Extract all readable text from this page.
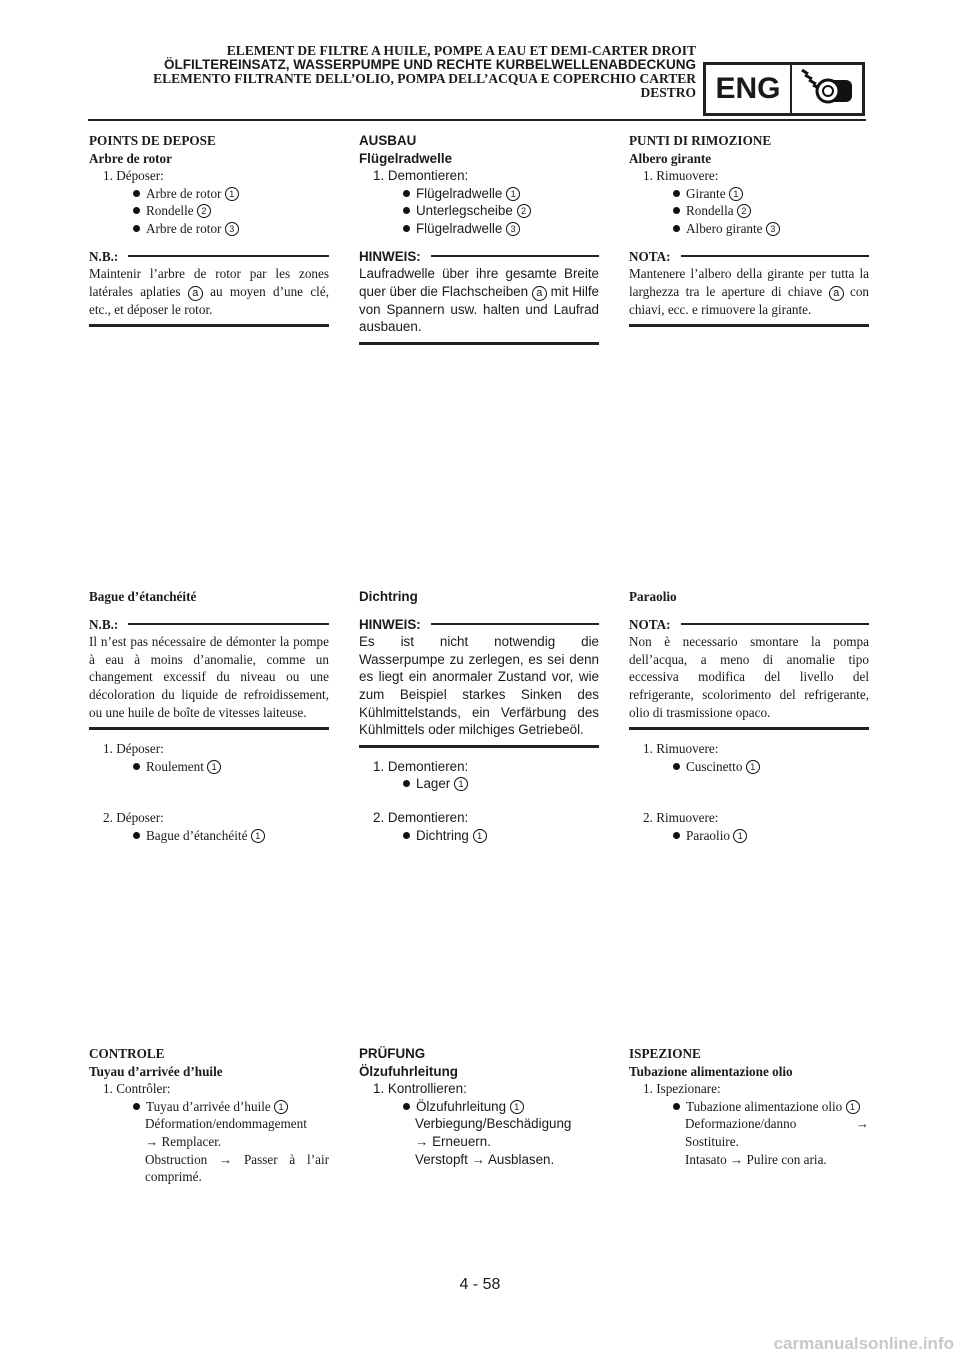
ELEMENT DE FILTRE A HUILE, POMPE A EAU ET DEMI-CARTER DROIT
ÖLFILTEREINSATZ, WASSERPUMPE UND RECHTE KURBELWELLENABDECKUNG
ELEMENTO FILTRANTE DELL’OLIO, POMPA DELL’ACQUA E COPERCHIO CARTER
DESTRO ENG
POINTS DE DEPOSE
Arbre de rotor
1. Déposer:
Arbre de rotor 1
Rondelle 2
Arbre de rotor 3
N.B.:
Maintenir l’arbre de rotor par les zones latérales aplaties a au moyen d’une clé, etc., et déposer le rotor.
Bague d’étanchéité
N.B.:
Il n’est pas nécessaire de démonter la pompe à eau à moins d’anomalie, comme un changement excessif du niveau ou une décoloration du liquide de refroidissement, ou une huile de boîte de vitesses laiteuse.
1. Déposer:
Roulement 1
2. Déposer:
Bague d’étanchéité 1
CONTROLE
Tuyau d’arrivée d’huile
1. Contrôler:
Tuyau d’arrivée d’huile 1
Déformation/endommagement
→ Remplacer.
Obstruction → Passer à l’air comprimé.
AUSBAU
Flügelradwelle
1. Demontieren:
Flügelradwelle 1
Unterlegscheibe 2
Flügelradwelle 3
HINWEIS:
Laufradwelle über ihre gesamte Breite quer über die Flachscheiben a mit Hilfe von Spannern usw. halten und Laufrad ausbauen.
Dichtring
HINWEIS:
Es ist nicht notwendig die Wasserpumpe zu zerlegen, es sei denn es liegt ein anormaler Zustand vor, wie zum Beispiel starkes Sinken des Kühlmittelstands, ein Verfärbung des Kühlmittels oder milchiges Getriebeöl.
1. Demontieren:
Lager 1
2. Demontieren:
Dichtring 1
PRÜFUNG
Ölzufuhrleitung
1. Kontrollieren:
Ölzufuhrleitung 1
Verbiegung/Beschädigung
→ Erneuern.
Verstopft → Ausblasen.
PUNTI DI RIMOZIONE
Albero girante
1. Rimuovere:
Girante 1
Rondella 2
Albero girante 3
NOTA:
Mantenere l’albero della girante per tutta la larghezza tra le aperture di chiave a con chiavi, ecc. e rimuovere la girante.
Paraolio
NOTA:
Non è necessario smontare la pompa dell’acqua, a meno di anomalie tipo eccessiva modifica del livello del refrigerante, scolorimento del refrigerante, olio di trasmissione opaco.
1. Rimuovere:
Cuscinetto 1
2. Rimuovere:
Paraolio 1
ISPEZIONE
Tubazione alimentazione olio
1. Ispezionare:
Tubazione alimentazione olio 1
Deformazione/danno → Sostituire.
Intasato → Pulire con aria.
4 - 58
carmanualsonline.info
